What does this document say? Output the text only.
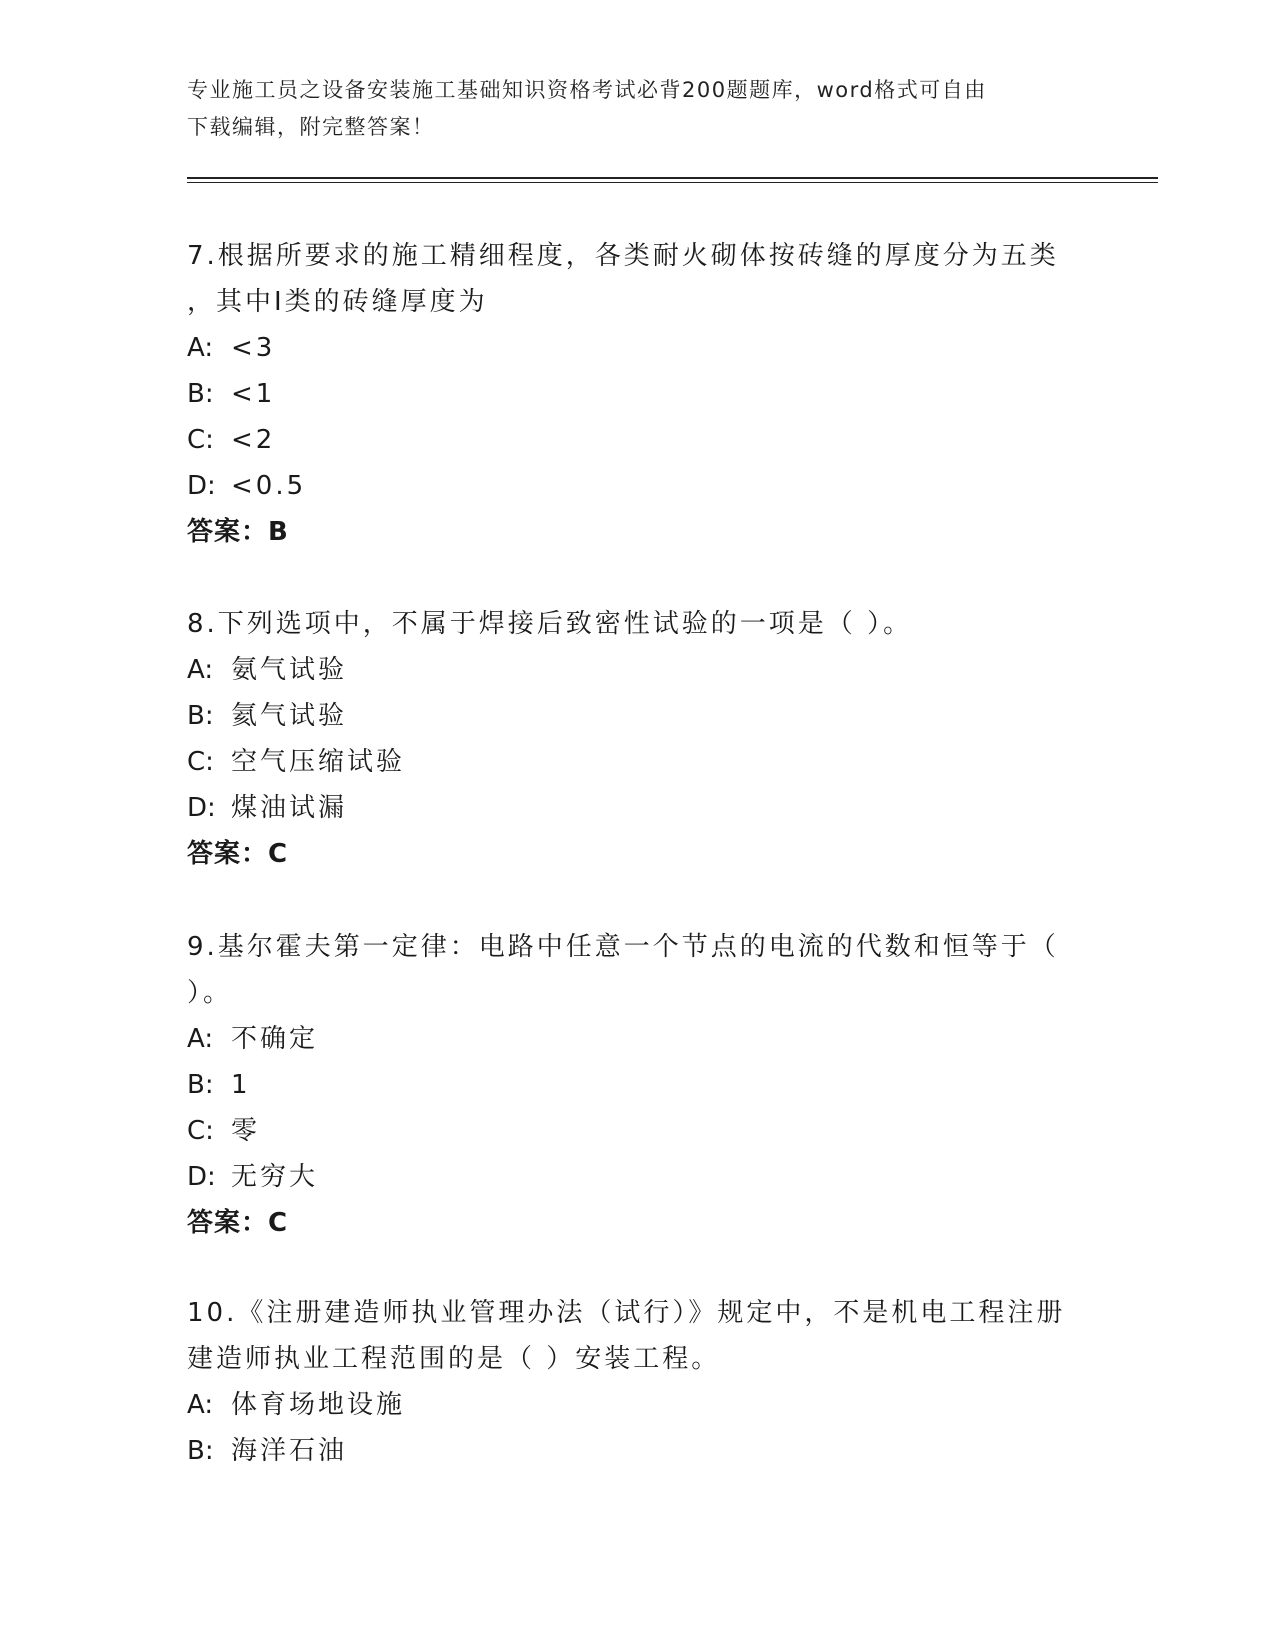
专业施工员之设备安装施工基础知识资格考试必背200题题库，word格式可自由
下载编辑，附完整答案！
7.根据所要求的施工精细程度，各类耐火砌体按砖缝的厚度分为五类
，其中Ⅰ类的砖缝厚度为
A: <3
B: <1
C: <2
D: <0.5
答案：B
8.下列选项中，不属于焊接后致密性试验的一项是（ ）。
A: 氨气试验
B: 氦气试验
C: 空气压缩试验
D: 煤油试漏
答案：C
9.基尔霍夫第一定律：电路中任意一个节点的电流的代数和恒等于（
）。
A: 不确定
B: 1
C: 零
D: 无穷大
答案：C
10.《注册建造师执业管理办法（试行）》规定中，不是机电工程注册
建造师执业工程范围的是（ ）安装工程。
A: 体育场地设施
B: 海洋石油
